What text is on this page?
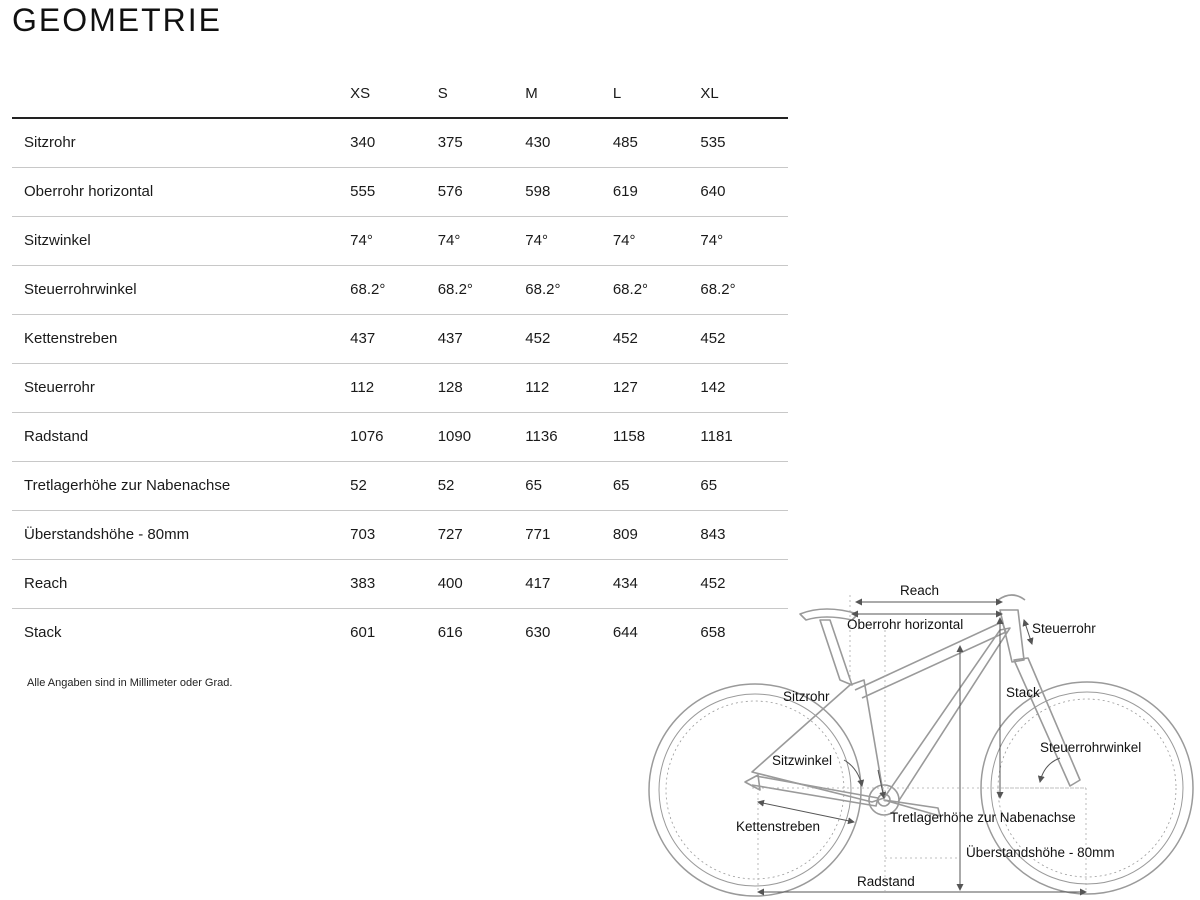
GEOMETRIE
	XS	S	M	L	XL
Sitzrohr	340	375	430	485	535
Oberrohr horizontal	555	576	598	619	640
Sitzwinkel	74°	74°	74°	74°	74°
Steuerrohrwinkel	68.2°	68.2°	68.2°	68.2°	68.2°
Kettenstreben	437	437	452	452	452
Steuerrohr	112	128	112	127	142
Radstand	1076	1090	1136	1158	1181
Tretlagerhöhe zur Nabenachse	52	52	65	65	65
Überstandshöhe - 80mm	703	727	771	809	843
Reach	383	400	417	434	452
Stack	601	616	630	644	658
Alle Angaben sind in Millimeter oder Grad.
Reach
Oberrohr horizontal	Steuerrohr
Sitzrohr	Stack
Steuerrohrwinkel
Sitzwinkel
Kettenstreben
Tretlagerhöhe zur Nabenachse
Überstandshöhe - 80mm
Radstand
